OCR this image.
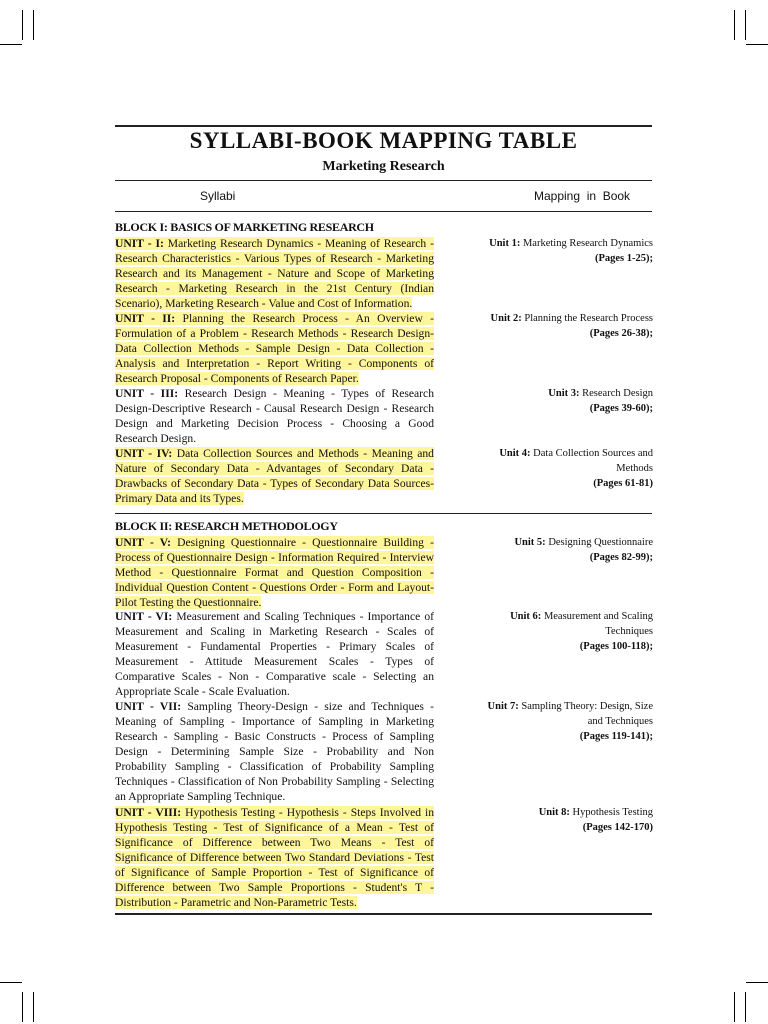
SYLLABI-BOOK MAPPING TABLE
Marketing Research
Syllabi	Mapping  in  Book
BLOCK I: BASICS OF MARKETING RESEARCH
UNIT - I: Marketing Research Dynamics - Meaning of Research - Research Characteristics - Various Types of Research - Marketing Research and its Management - Nature and Scope of Marketing Research - Marketing Research in the 21st Century (Indian Scenario), Marketing Research - Value and Cost of Information.
Unit 1: Marketing Research Dynamics
(Pages 1-25);
UNIT - II: Planning the Research Process - An Overview - Formulation of a Problem - Research Methods - Research Design- Data Collection Methods - Sample Design - Data Collection - Analysis and Interpretation - Report Writing - Components of Research Proposal - Components of Research Paper.
Unit 2: Planning the Research Process
(Pages 26-38);
UNIT - III: Research Design - Meaning - Types of Research Design-Descriptive Research - Causal Research Design - Research Design and Marketing Decision Process - Choosing a Good Research Design.
Unit 3: Research Design
(Pages 39-60);
UNIT - IV: Data Collection Sources and Methods - Meaning and Nature of Secondary Data - Advantages of Secondary Data - Drawbacks of Secondary Data - Types of Secondary Data Sources- Primary Data and its Types.
Unit 4: Data Collection Sources and Methods
(Pages 61-81)
BLOCK II: RESEARCH METHODOLOGY
UNIT - V: Designing Questionnaire - Questionnaire Building - Process of Questionnaire Design - Information Required - Interview Method - Questionnaire Format and Question Composition - Individual Question Content - Questions Order - Form and Layout- Pilot Testing the Questionnaire.
Unit 5: Designing Questionnaire
(Pages 82-99);
UNIT - VI: Measurement and Scaling Techniques - Importance of Measurement and Scaling in Marketing Research - Scales of Measurement - Fundamental Properties - Primary Scales of Measurement - Attitude Measurement Scales - Types of Comparative Scales - Non - Comparative scale - Selecting an Appropriate Scale - Scale Evaluation.
Unit 6: Measurement and Scaling Techniques
(Pages 100-118);
UNIT - VII: Sampling Theory-Design - size and Techniques - Meaning of Sampling - Importance of Sampling in Marketing Research - Sampling - Basic Constructs - Process of Sampling Design - Determining Sample Size - Probability and Non Probability Sampling - Classification of Probability Sampling Techniques - Classification of Non Probability Sampling - Selecting an Appropriate Sampling Technique.
Unit 7: Sampling Theory: Design, Size and Techniques
(Pages 119-141);
UNIT - VIII: Hypothesis Testing - Hypothesis - Steps Involved in Hypothesis Testing - Test of Significance of a Mean - Test of Significance of Difference between Two Means - Test of Significance of Difference between Two Standard Deviations - Test of Significance of Sample Proportion - Test of Significance of Difference between Two Sample Proportions - Student's T - Distribution - Parametric and Non-Parametric Tests.
Unit 8: Hypothesis Testing
(Pages 142-170)
